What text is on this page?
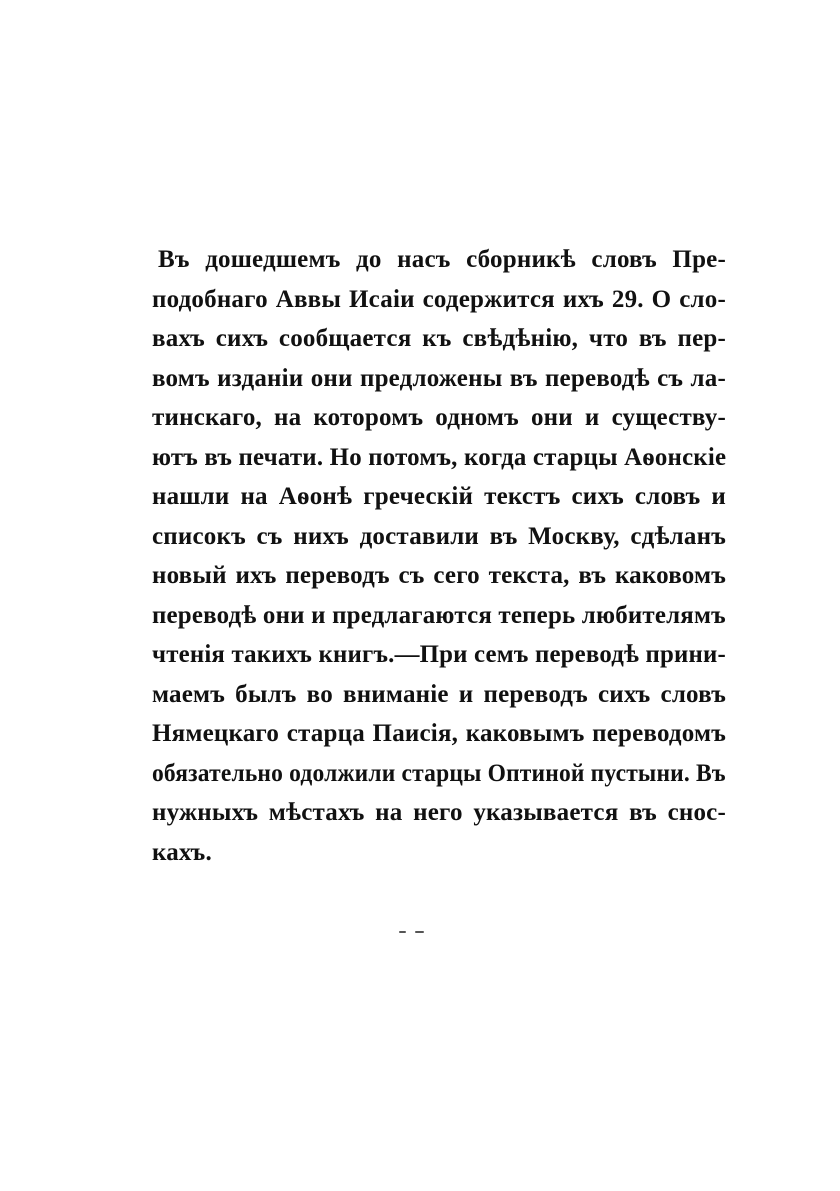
Въ дошедшемъ до насъ сборникѣ словъ Пре-
подобнаго Аввы Исаіи содержится ихъ 29. О сло-
вахъ сихъ сообщается къ свѣдѣнію, что въ пер-
вомъ изданіи они предложены въ переводѣ съ ла-
тинскаго, на которомъ одномъ они и существу-
ютъ въ печати. Но потомъ, когда старцы Аѳонскіе
нашли на Аѳонѣ греческій текстъ сихъ словъ и
списокъ съ нихъ доставили въ Москву, сдѣланъ
новый ихъ переводъ съ сего текста, въ каковомъ
переводѣ они и предлагаются теперь любителямъ
чтенія такихъ книгъ.—При семъ переводѣ прини-
маемъ былъ во вниманіе и переводъ сихъ словъ
Нямецкаго старца Паисія, каковымъ переводомъ
обязательно одолжили старцы Оптиной пустыни. Въ
нужныхъ мѣстахъ на него указывается въ снос-
кахъ.
